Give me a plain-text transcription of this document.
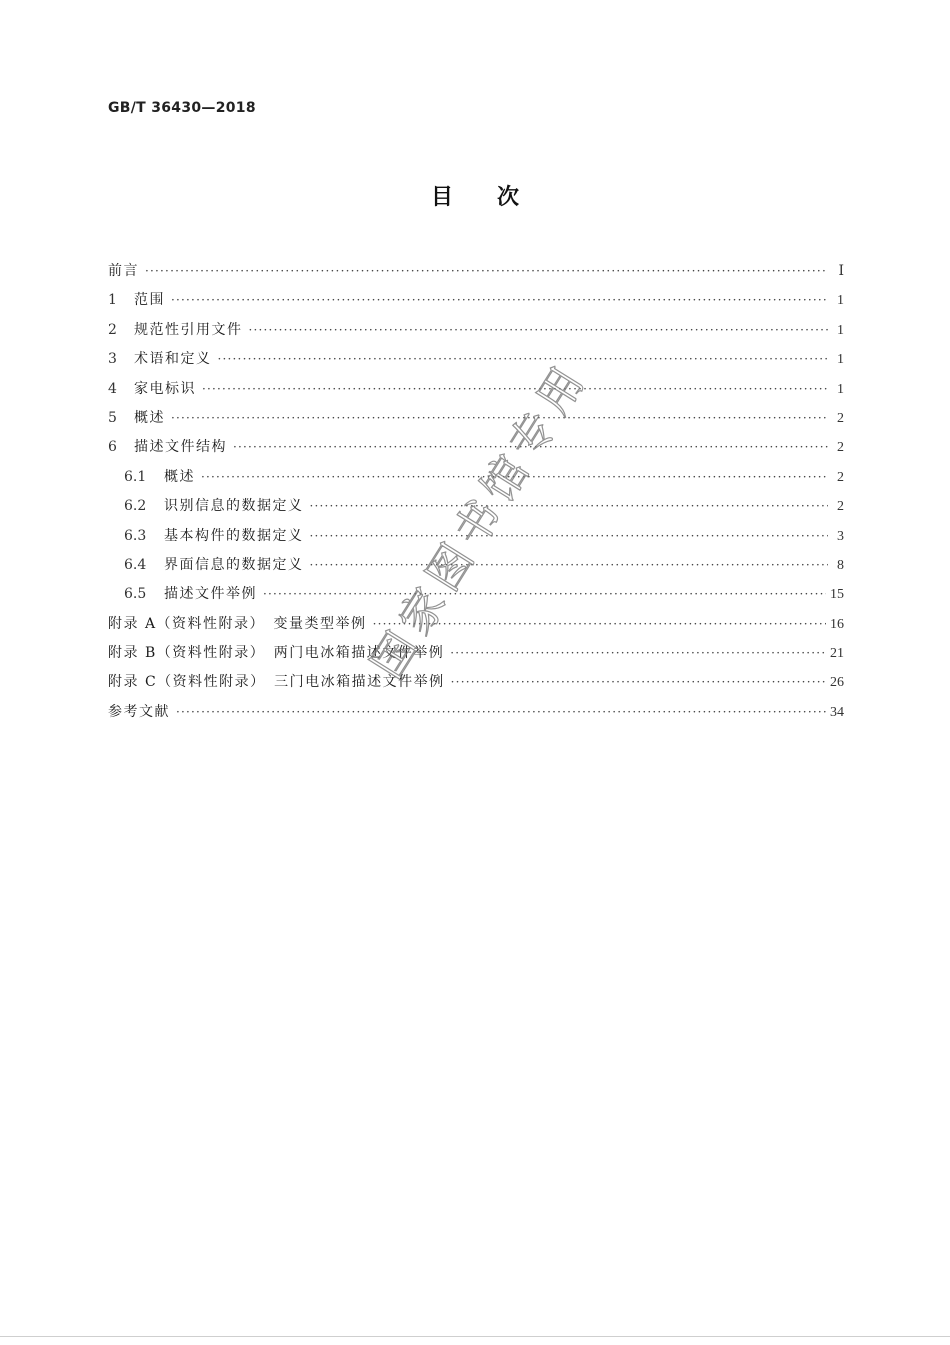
GB/T 36430—2018
目次
前言 ·····	Ⅰ
1	范围 ·····	1
2	规范性引用文件 ·····	1
3	术语和定义 ·····	1
4	家电标识 ·····	1
5	概述 ·····	2
6	描述文件结构 ·····	2
6.1	概述 ·····	2
6.2	识别信息的数据定义 ·····	2
6.3	基本构件的数据定义 ·····	3
6.4	界面信息的数据定义 ·····	8
6.5	描述文件举例 ·····	15
附录 A（资料性附录）　变量类型举例 ·····	16
附录 B（资料性附录）　两门电冰箱描述文件举例 ·····	21
附录 C（资料性附录）　三门电冰箱描述文件举例 ·····	26
参考文献 ·····	34
国家图书馆专用
